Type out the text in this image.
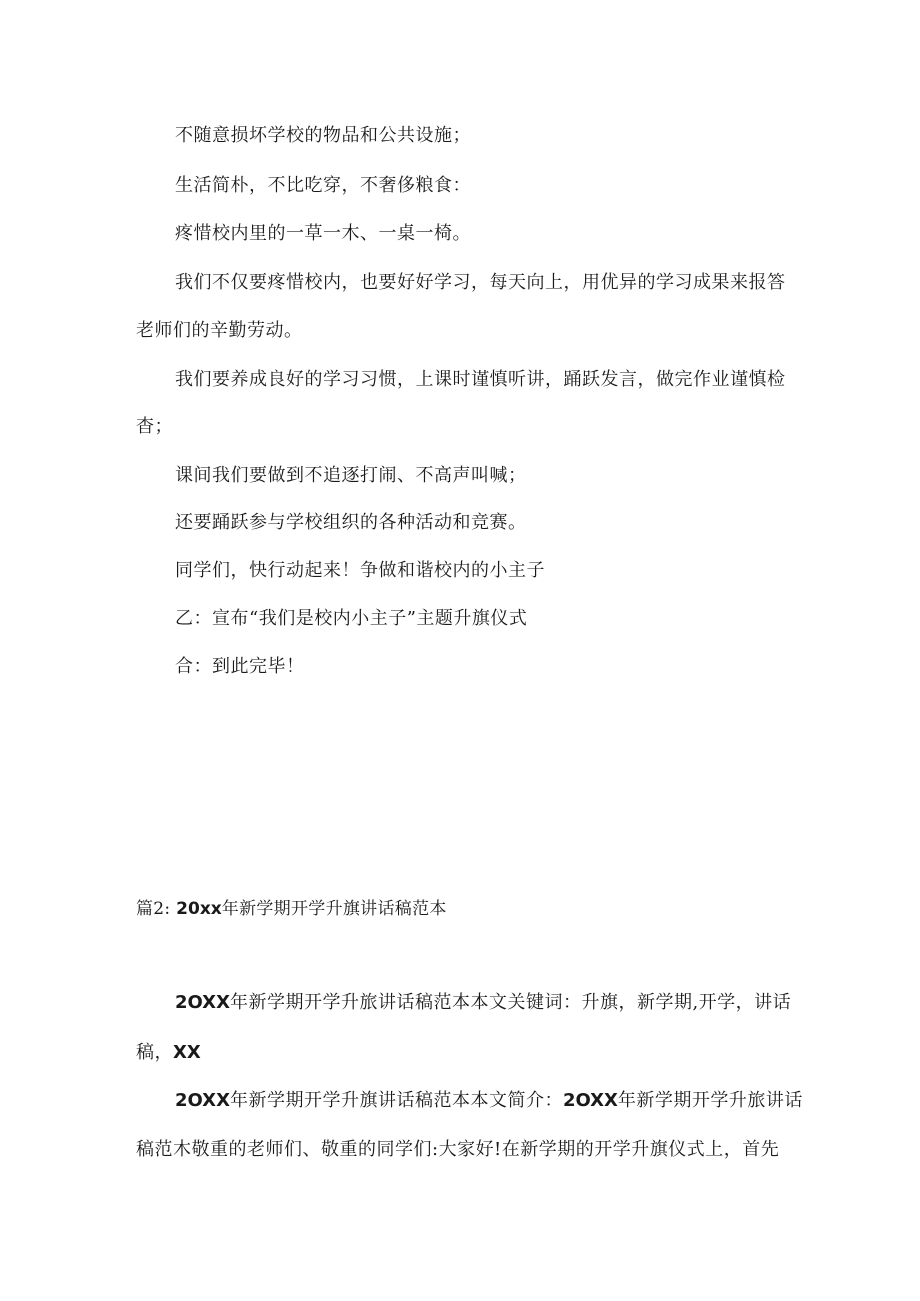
不随意损坏学校的物品和公共设施；
生活简朴，不比吃穿，不奢侈粮食：
疼惜校内里的一草一木、一桌一椅。
我们不仅要疼惜校内，也要好好学习，每天向上，用优异的学习成果来报答
老师们的辛勤劳动。
我们要养成良好的学习习惯，上课时谨慎听讲，踊跃发言，做完作业谨慎检
杳；
课间我们要做到不追逐打闹、不高声叫喊；
还要踊跃参与学校组织的各种活动和竞赛。
同学们，快行动起来！争做和谐校内的小主子
乙：宣布“我们是校内小主子”主题升旗仪式
合：到此完毕！
篇2: 20xx年新学期开学升旗讲话稿范本
2OXX年新学期开学升旅讲话稿范本本文关键词：升旗，新学期,开学，讲话
稿，XX
2OXX年新学期开学升旗讲话稿范本本文简介：2OXX年新学期开学升旅讲话
稿范木敬重的老师们、敬重的同学们:大家好!在新学期的开学升旗仪式上，首先
